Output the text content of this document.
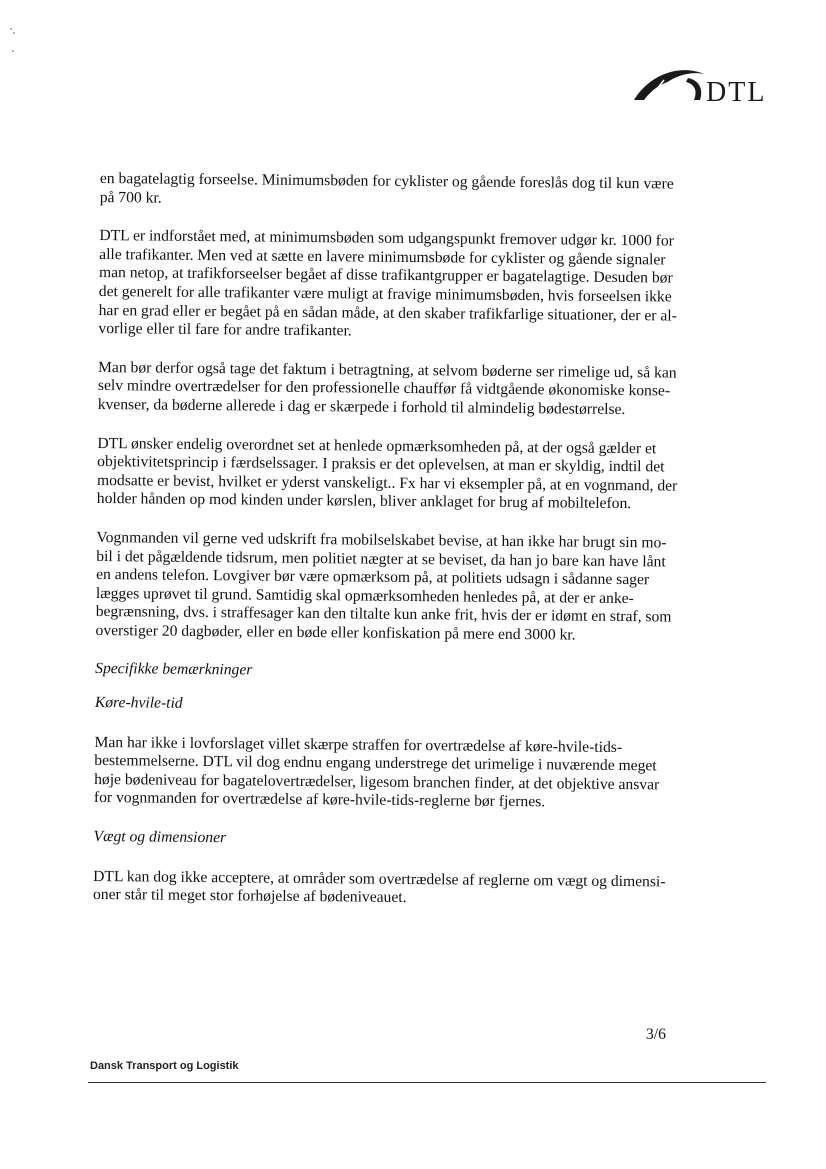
DTL

en bagatelagtig forseelse. Minimumsbøden for cyklister og gående foreslås dog til kun være
på 700 kr.

DTL er indforstået med, at minimumsbøden som udgangspunkt fremover udgør kr. 1000 for
alle trafikanter. Men ved at sætte en lavere minimumsbøde for cyklister og gående signaler
man netop, at trafikforseelser begået af disse trafikantgrupper er bagatelagtige. Desuden bør
det generelt for alle trafikanter være muligt at fravige minimumsbøden, hvis forseelsen ikke
har en grad eller er begået på en sådan måde, at den skaber trafikfarlige situationer, der er al-
vorlige eller til fare for andre trafikanter.

Man bør derfor også tage det faktum i betragtning, at selvom bøderne ser rimelige ud, så kan
selv mindre overtrædelser for den professionelle chauffør få vidtgående økonomiske konse-
kvenser, da bøderne allerede i dag er skærpede i forhold til almindelig bødestørrelse.

DTL ønsker endelig overordnet set at henlede opmærksomheden på, at der også gælder et
objektivitetsprincip i færdselssager. I praksis er det oplevelsen, at man er skyldig, indtil det
modsatte er bevist, hvilket er yderst vanskeligt.. Fx har vi eksempler på, at en vognmand, der
holder hånden op mod kinden under kørslen, bliver anklaget for brug af mobiltelefon.

Vognmanden vil gerne ved udskrift fra mobilselskabet bevise, at han ikke har brugt sin mo-
bil i det pågældende tidsrum, men politiet nægter at se beviset, da han jo bare kan have lånt
en andens telefon. Lovgiver bør være opmærksom på, at politiets udsagn i sådanne sager
lægges uprøvet til grund. Samtidig skal opmærksomheden henledes på, at der er anke-
begrænsning, dvs. i straffesager kan den tiltalte kun anke frit, hvis der er idømt en straf, som
overstiger 20 dagbøder, eller en bøde eller konfiskation på mere end 3000 kr.

Specifikke bemærkninger

Køre-hvile-tid

Man har ikke i lovforslaget villet skærpe straffen for overtrædelse af køre-hvile-tids-
bestemmelserne. DTL vil dog endnu engang understrege det urimelige i nuværende meget
høje bødeniveau for bagatelovertrædelser, ligesom branchen finder, at det objektive ansvar
for vognmanden for overtrædelse af køre-hvile-tids-reglerne bør fjernes.

Vægt og dimensioner

DTL kan dog ikke acceptere, at områder som overtrædelse af reglerne om vægt og dimensi-
oner står til meget stor forhøjelse af bødeniveauet.

3/6
Dansk Transport og Logistik
